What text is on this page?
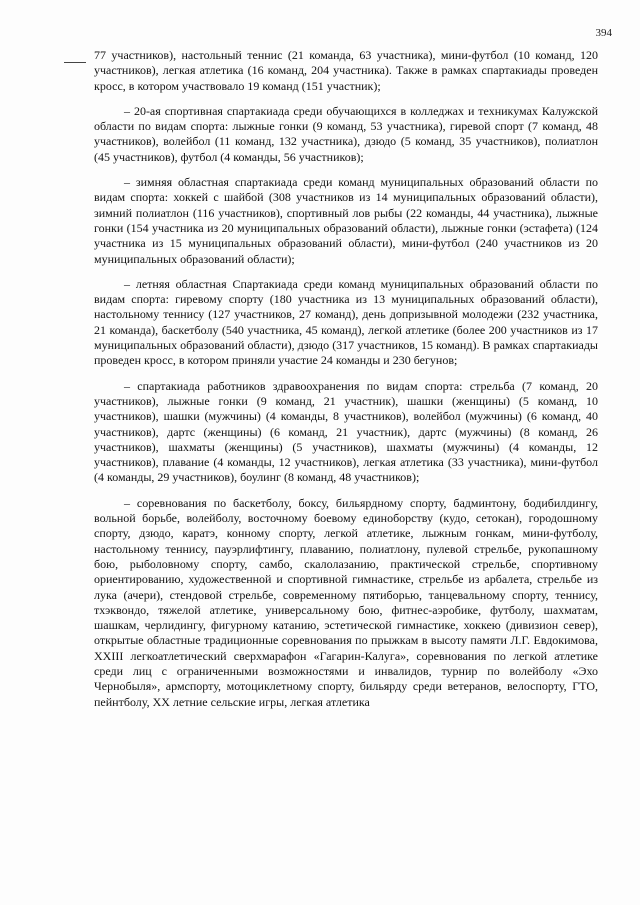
394

77 участников), настольный теннис (21 команда, 63 участника), мини-футбол (10 команд, 120 участников), легкая атлетика (16 команд, 204 участника). Также в рамках спартакиады проведен кросс, в котором участвовало 19 команд (151 участник);

– 20-ая спортивная спартакиада среди обучающихся в колледжах и техникумах Калужской области по видам спорта: лыжные гонки (9 команд, 53 участника), гиревой спорт (7 команд, 48 участников), волейбол (11 команд, 132 участника), дзюдо (5 команд, 35 участников), полиатлон (45 участников), футбол (4 команды, 56 участников);

– зимняя областная спартакиада среди команд муниципальных образований области по видам спорта: хоккей с шайбой (308 участников из 14 муниципальных образований области), зимний полиатлон (116 участников), спортивный лов рыбы (22 команды, 44 участника), лыжные гонки (154 участника из 20 муниципальных образований области), лыжные гонки (эстафета) (124 участника из 15 муниципальных образований области), мини-футбол (240 участников из 20 муниципальных образований области);

– летняя областная Спартакиада среди команд муниципальных образований области по видам спорта: гиревому спорту (180 участника из 13 муниципальных образований области), настольному теннису (127 участников, 27 команд), день допризывной молодежи (232 участника, 21 команда), баскетболу (540 участника, 45 команд), легкой атлетике (более 200 участников из 17 муниципальных образований области), дзюдо (317 участников, 15 команд). В рамках спартакиады проведен кросс, в котором приняли участие 24 команды и 230 бегунов;

– спартакиада работников здравоохранения по видам спорта: стрельба (7 команд, 20 участников), лыжные гонки (9 команд, 21 участник), шашки (женщины) (5 команд, 10 участников), шашки (мужчины) (4 команды, 8 участников), волейбол (мужчины) (6 команд, 40 участников), дартс (женщины) (6 команд, 21 участник), дартс (мужчины) (8 команд, 26 участников), шахматы (женщины) (5 участников), шахматы (мужчины) (4 команды, 12 участников), плавание (4 команды, 12 участников), легкая атлетика (33 участника), мини-футбол (4 команды, 29 участников), боулинг (8 команд, 48 участников);

– соревнования по баскетболу, боксу, бильярдному спорту, бадминтону, бодибилдингу, вольной борьбе, волейболу, восточному боевому единоборству (кудо, сетокан), городошному спорту, дзюдо, каратэ, конному спорту, легкой атлетике, лыжным гонкам, мини-футболу, настольному теннису, пауэрлифтингу, плаванию, полиатлону, пулевой стрельбе, рукопашному бою, рыболовному спорту, самбо, скалолазанию, практической стрельбе, спортивному ориентированию, художественной и спортивной гимнастике, стрельбе из арбалета, стрельбе из лука (ачери), стендовой стрельбе, современному пятиборью, танцевальному спорту, теннису, тхэквондо, тяжелой атлетике, универсальному бою, фитнес-аэробике, футболу, шахматам, шашкам, черлидингу, фигурному катанию, эстетической гимнастике, хоккею (дивизион север), открытые областные традиционные соревнования по прыжкам в высоту памяти Л.Г. Евдокимова, XXIII легкоатлетический сверхмарафон «Гагарин-Калуга», соревнования по легкой атлетике среди лиц с ограниченными возможностями и инвалидов, турнир по волейболу «Эхо Чернобыля», армспорту, мотоциклетному спорту, бильярду среди ветеранов, велоспорту, ГТО, пейнтболу, XX летние сельские игры, легкая атлетика
